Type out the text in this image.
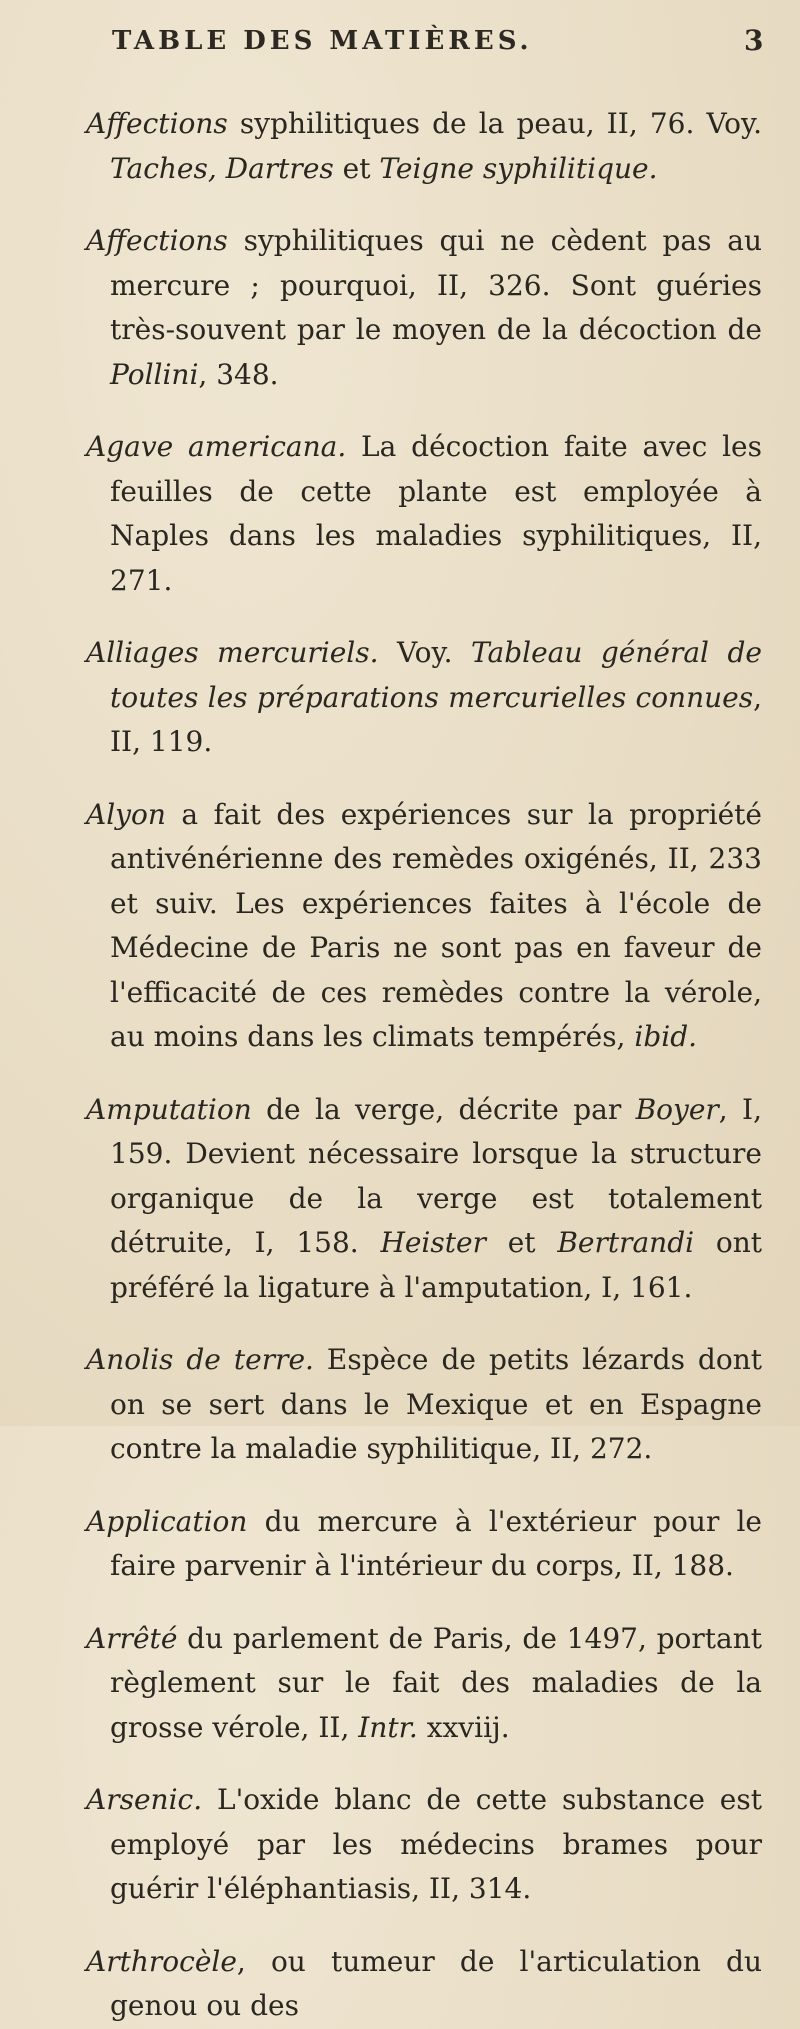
TABLE DES MATIÈRES.	3

Affections syphilitiques de la peau, II, 76. Voy. Taches, Dartres et Teigne syphilitique.

Affections syphilitiques qui ne cèdent pas au mercure ; pourquoi, II, 326. Sont guéries très-souvent par le moyen de la décoction de Pollini, 348.

Agave americana. La décoction faite avec les feuilles de cette plante est employée à Naples dans les maladies syphilitiques, II, 271.

Alliages mercuriels. Voy. Tableau général de toutes les préparations mercurielles connues, II, 119.

Alyon a fait des expériences sur la propriété antivénérienne des remèdes oxigénés, II, 233 et suiv. Les expériences faites à l'école de Médecine de Paris ne sont pas en faveur de l'efficacité de ces remèdes contre la vérole, au moins dans les climats tempérés, ibid.

Amputation de la verge, décrite par Boyer, I, 159. Devient nécessaire lorsque la structure organique de la verge est totalement détruite, I, 158. Heister et Bertrandi ont préféré la ligature à l'amputation, I, 161.

Anolis de terre. Espèce de petits lézards dont on se sert dans le Mexique et en Espagne contre la maladie syphilitique, II, 272.

Application du mercure à l'extérieur pour le faire parvenir à l'intérieur du corps, II, 188.

Arrêté du parlement de Paris, de 1497, portant règlement sur le fait des maladies de la grosse vérole, II, Intr. xxviij.

Arsenic. L'oxide blanc de cette substance est employé par les médecins brames pour guérir l'éléphantiasis, II, 314.

Arthrocèle, ou tumeur de l'articulation du genou ou des
